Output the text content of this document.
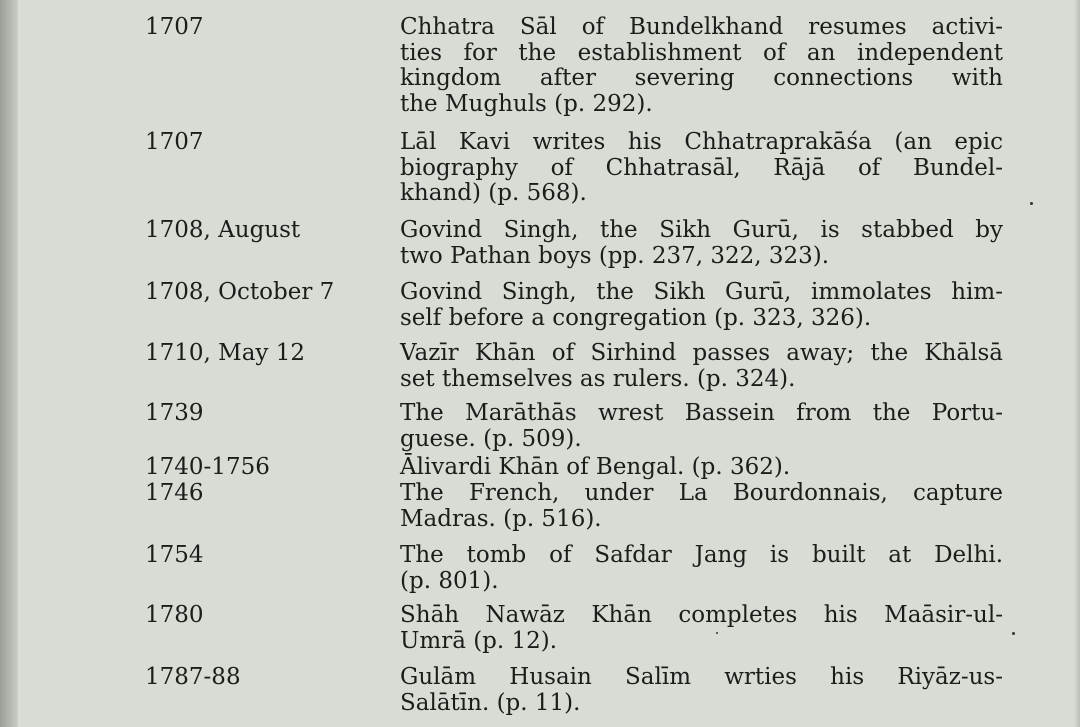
1707	Chhatra Sāl of Bundelkhand resumes activi-
ties for the establishment of an independent
kingdom after severing connections with
the Mughuls (p. 292).
1707	Lāl Kavi writes his Chhatraprakāśa (an epic
biography of Chhatrasāl, Rājā of Bundel-
khand) (p. 568).
1708, August	Govind Singh, the Sikh Gurū, is stabbed by
two Pathan boys (pp. 237, 322, 323).
1708, October 7	Govind Singh, the Sikh Gurū, immolates him-
self before a congregation (p. 323, 326).
1710, May 12	Vazīr Khān of Sirhind passes away; the Khālsā
set themselves as rulers. (p. 324).
1739	The Marāthās wrest Bassein from the Portu-
guese. (p. 509).
1740-1756	Ālivardi Khān of Bengal. (p. 362).
1746	The French, under La Bourdonnais, capture
Madras. (p. 516).
1754	The tomb of Safdar Jang is built at Delhi.
(p. 801).
1780	Shāh Nawāz Khān completes his Maāsir-ul-
Umrā (p. 12).
1787-88	Gulām Husain Salīm wrties his Riyāz-us-
Salātīn. (p. 11).
